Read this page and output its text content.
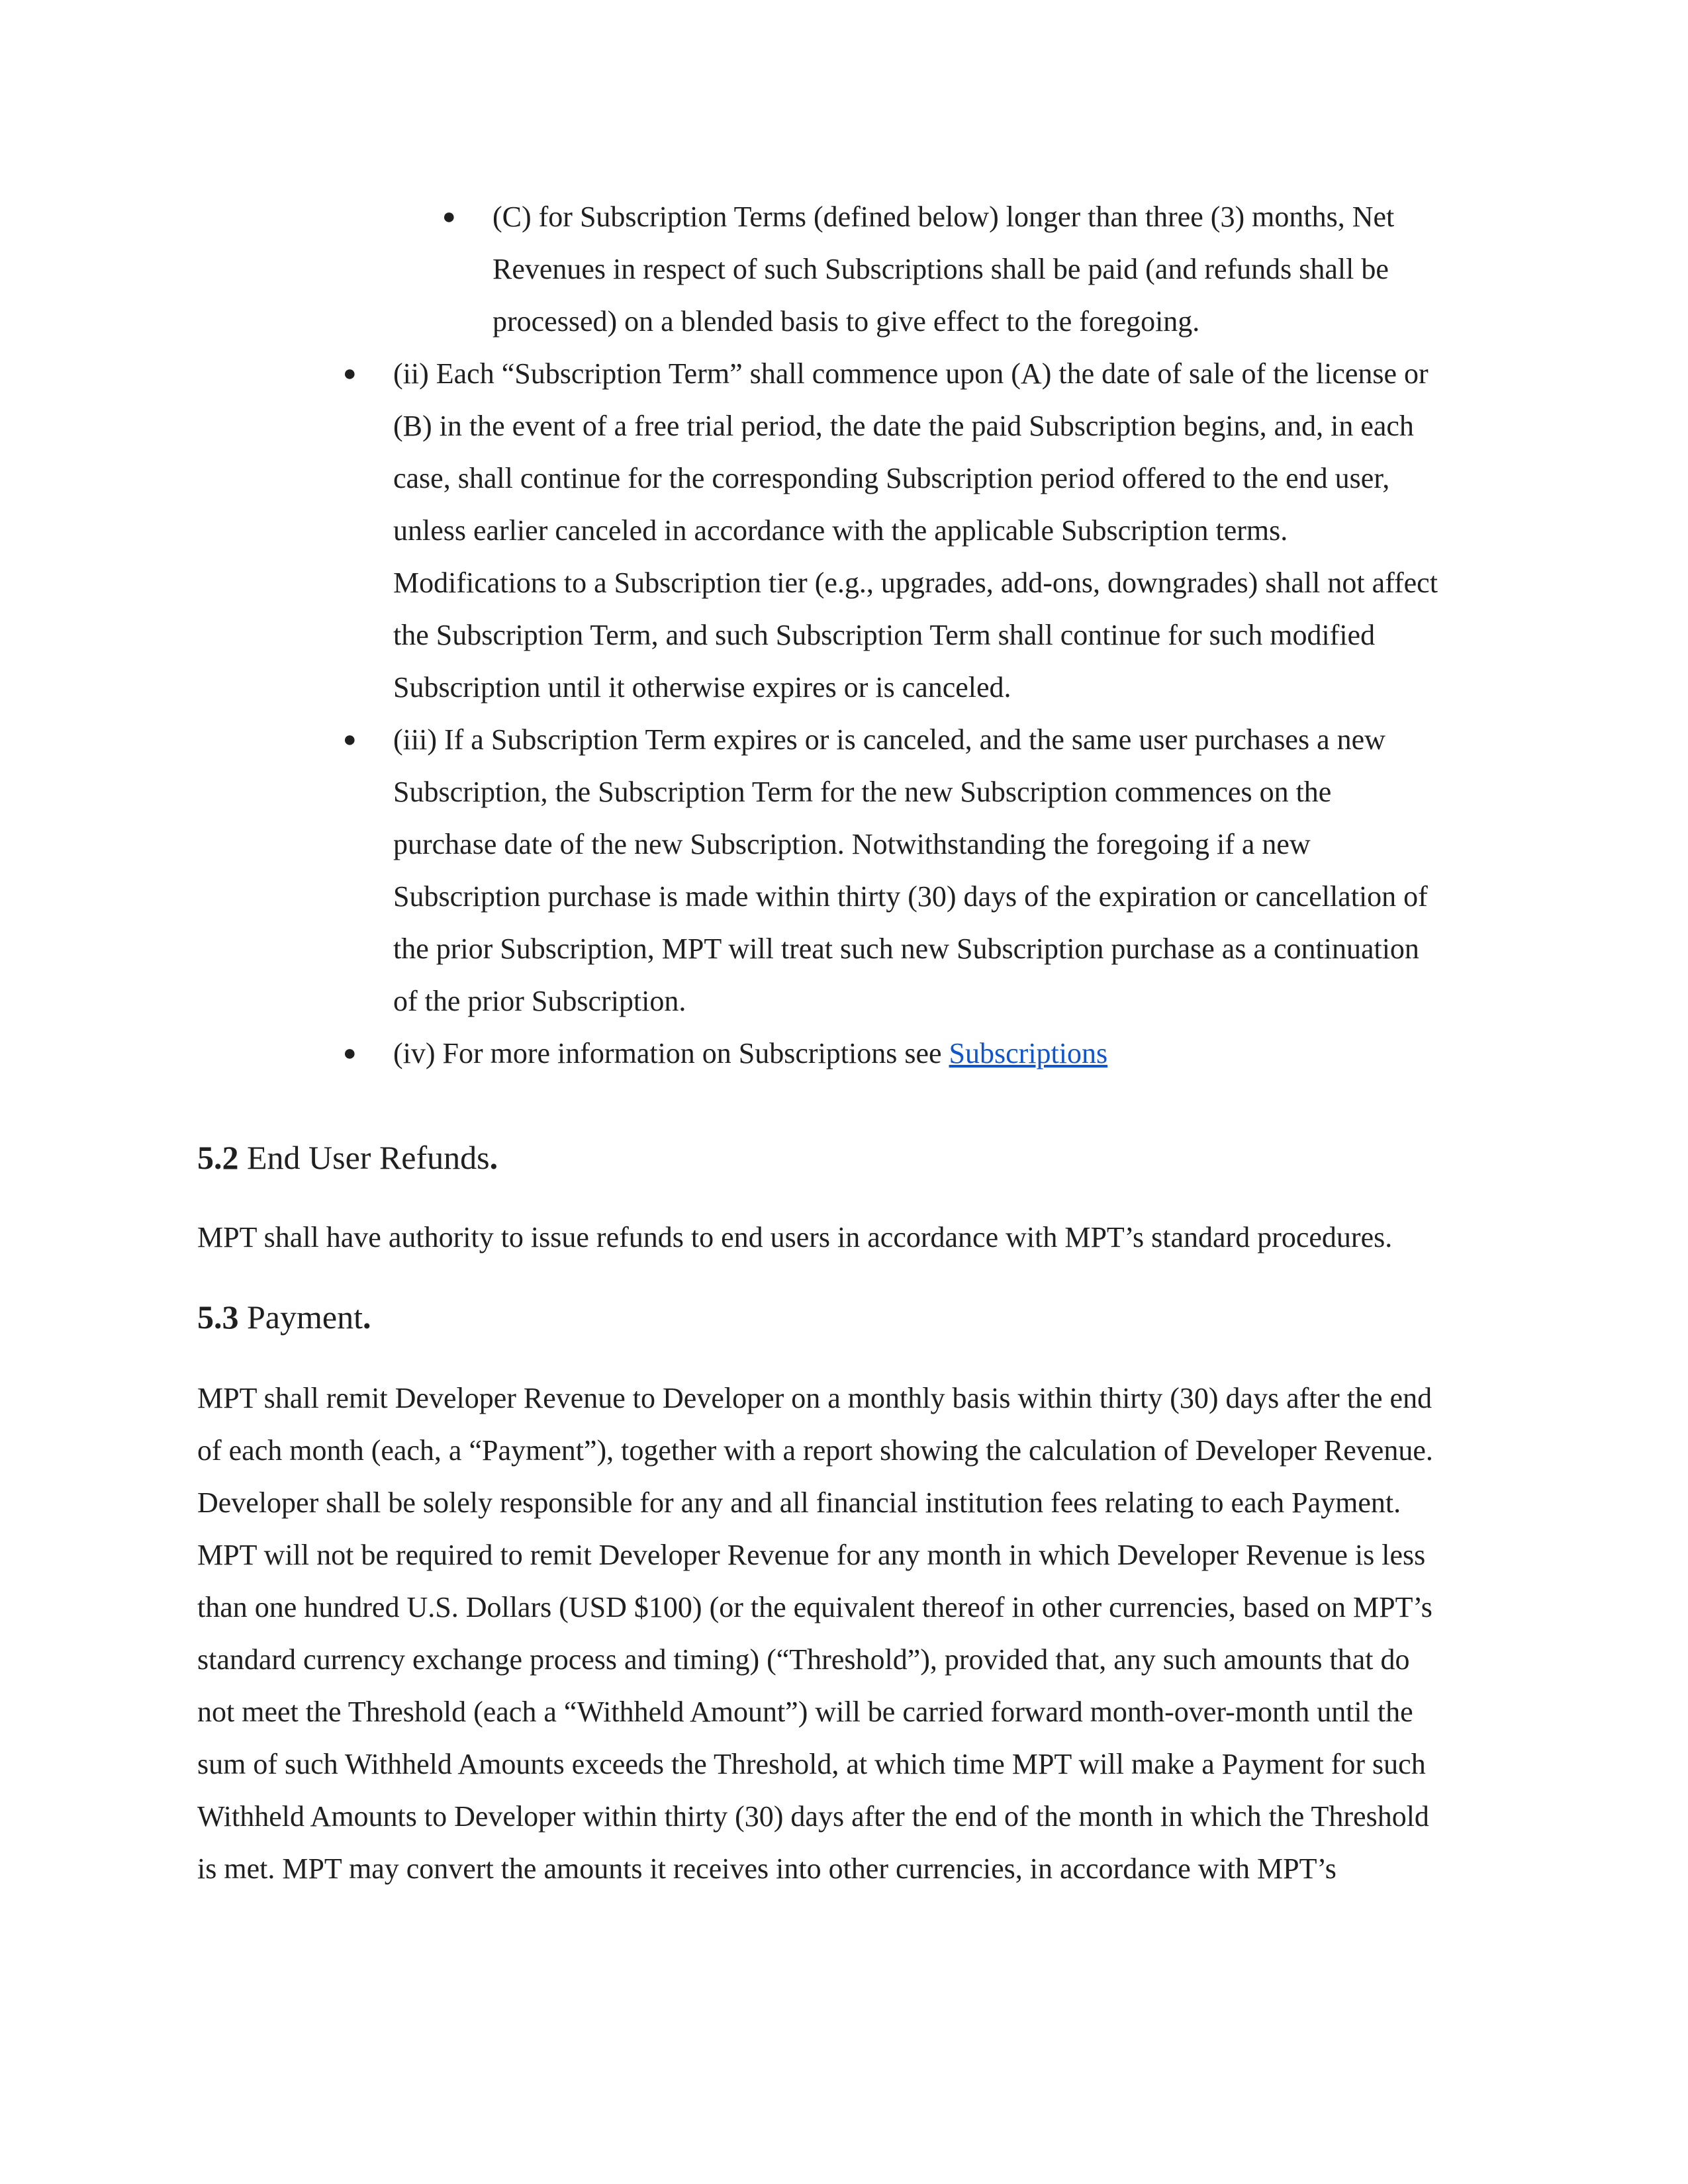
● (C) for Subscription Terms (defined below) longer than three (3) months, Net
Revenues in respect of such Subscriptions shall be paid (and refunds shall be
processed) on a blended basis to give effect to the foregoing.
● (ii) Each “Subscription Term” shall commence upon (A) the date of sale of the license or
(B) in the event of a free trial period, the date the paid Subscription begins, and, in each
case, shall continue for the corresponding Subscription period offered to the end user,
unless earlier canceled in accordance with the applicable Subscription terms.
Modifications to a Subscription tier (e.g., upgrades, add-ons, downgrades) shall not affect
the Subscription Term, and such Subscription Term shall continue for such modified
Subscription until it otherwise expires or is canceled.
● (iii) If a Subscription Term expires or is canceled, and the same user purchases a new
Subscription, the Subscription Term for the new Subscription commences on the
purchase date of the new Subscription. Notwithstanding the foregoing if a new
Subscription purchase is made within thirty (30) days of the expiration or cancellation of
the prior Subscription, MPT will treat such new Subscription purchase as a continuation
of the prior Subscription.
● (iv) For more information on Subscriptions see Subscriptions
5.2 End User Refunds.
MPT shall have authority to issue refunds to end users in accordance with MPT’s standard procedures.
5.3 Payment.
MPT shall remit Developer Revenue to Developer on a monthly basis within thirty (30) days after the end
of each month (each, a “Payment”), together with a report showing the calculation of Developer Revenue.
Developer shall be solely responsible for any and all financial institution fees relating to each Payment.
MPT will not be required to remit Developer Revenue for any month in which Developer Revenue is less
than one hundred U.S. Dollars (USD $100) (or the equivalent thereof in other currencies, based on MPT’s
standard currency exchange process and timing) (“Threshold”), provided that, any such amounts that do
not meet the Threshold (each a “Withheld Amount”) will be carried forward month-over-month until the
sum of such Withheld Amounts exceeds the Threshold, at which time MPT will make a Payment for such
Withheld Amounts to Developer within thirty (30) days after the end of the month in which the Threshold
is met. MPT may convert the amounts it receives into other currencies, in accordance with MPT’s
